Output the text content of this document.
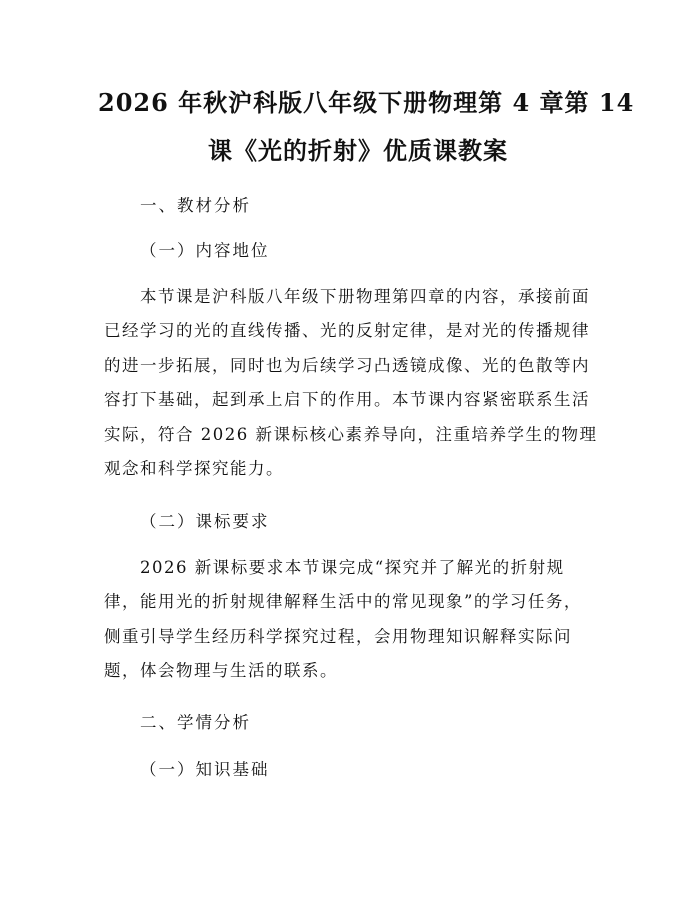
2026 年秋沪科版八年级下册物理第 4 章第 14
课《光的折射》优质课教案
一、教材分析
（一）内容地位

本节课是沪科版八年级下册物理第四章的内容，承接前面

已经学习的光的直线传播、光的反射定律，是对光的传播规律

的进一步拓展，同时也为后续学习凸透镜成像、光的色散等内

容打下基础，起到承上启下的作用。本节课内容紧密联系生活

实际，符合 2026 新课标核心素养导向，注重培养学生的物理

观念和科学探究能力。

（二）课标要求

2026 新课标要求本节课完成“探究并了解光的折射规

律，能用光的折射规律解释生活中的常见现象”的学习任务，

侧重引导学生经历科学探究过程，会用物理知识解释实际问

题，体会物理与生活的联系。

二、学情分析
（一）知识基础
